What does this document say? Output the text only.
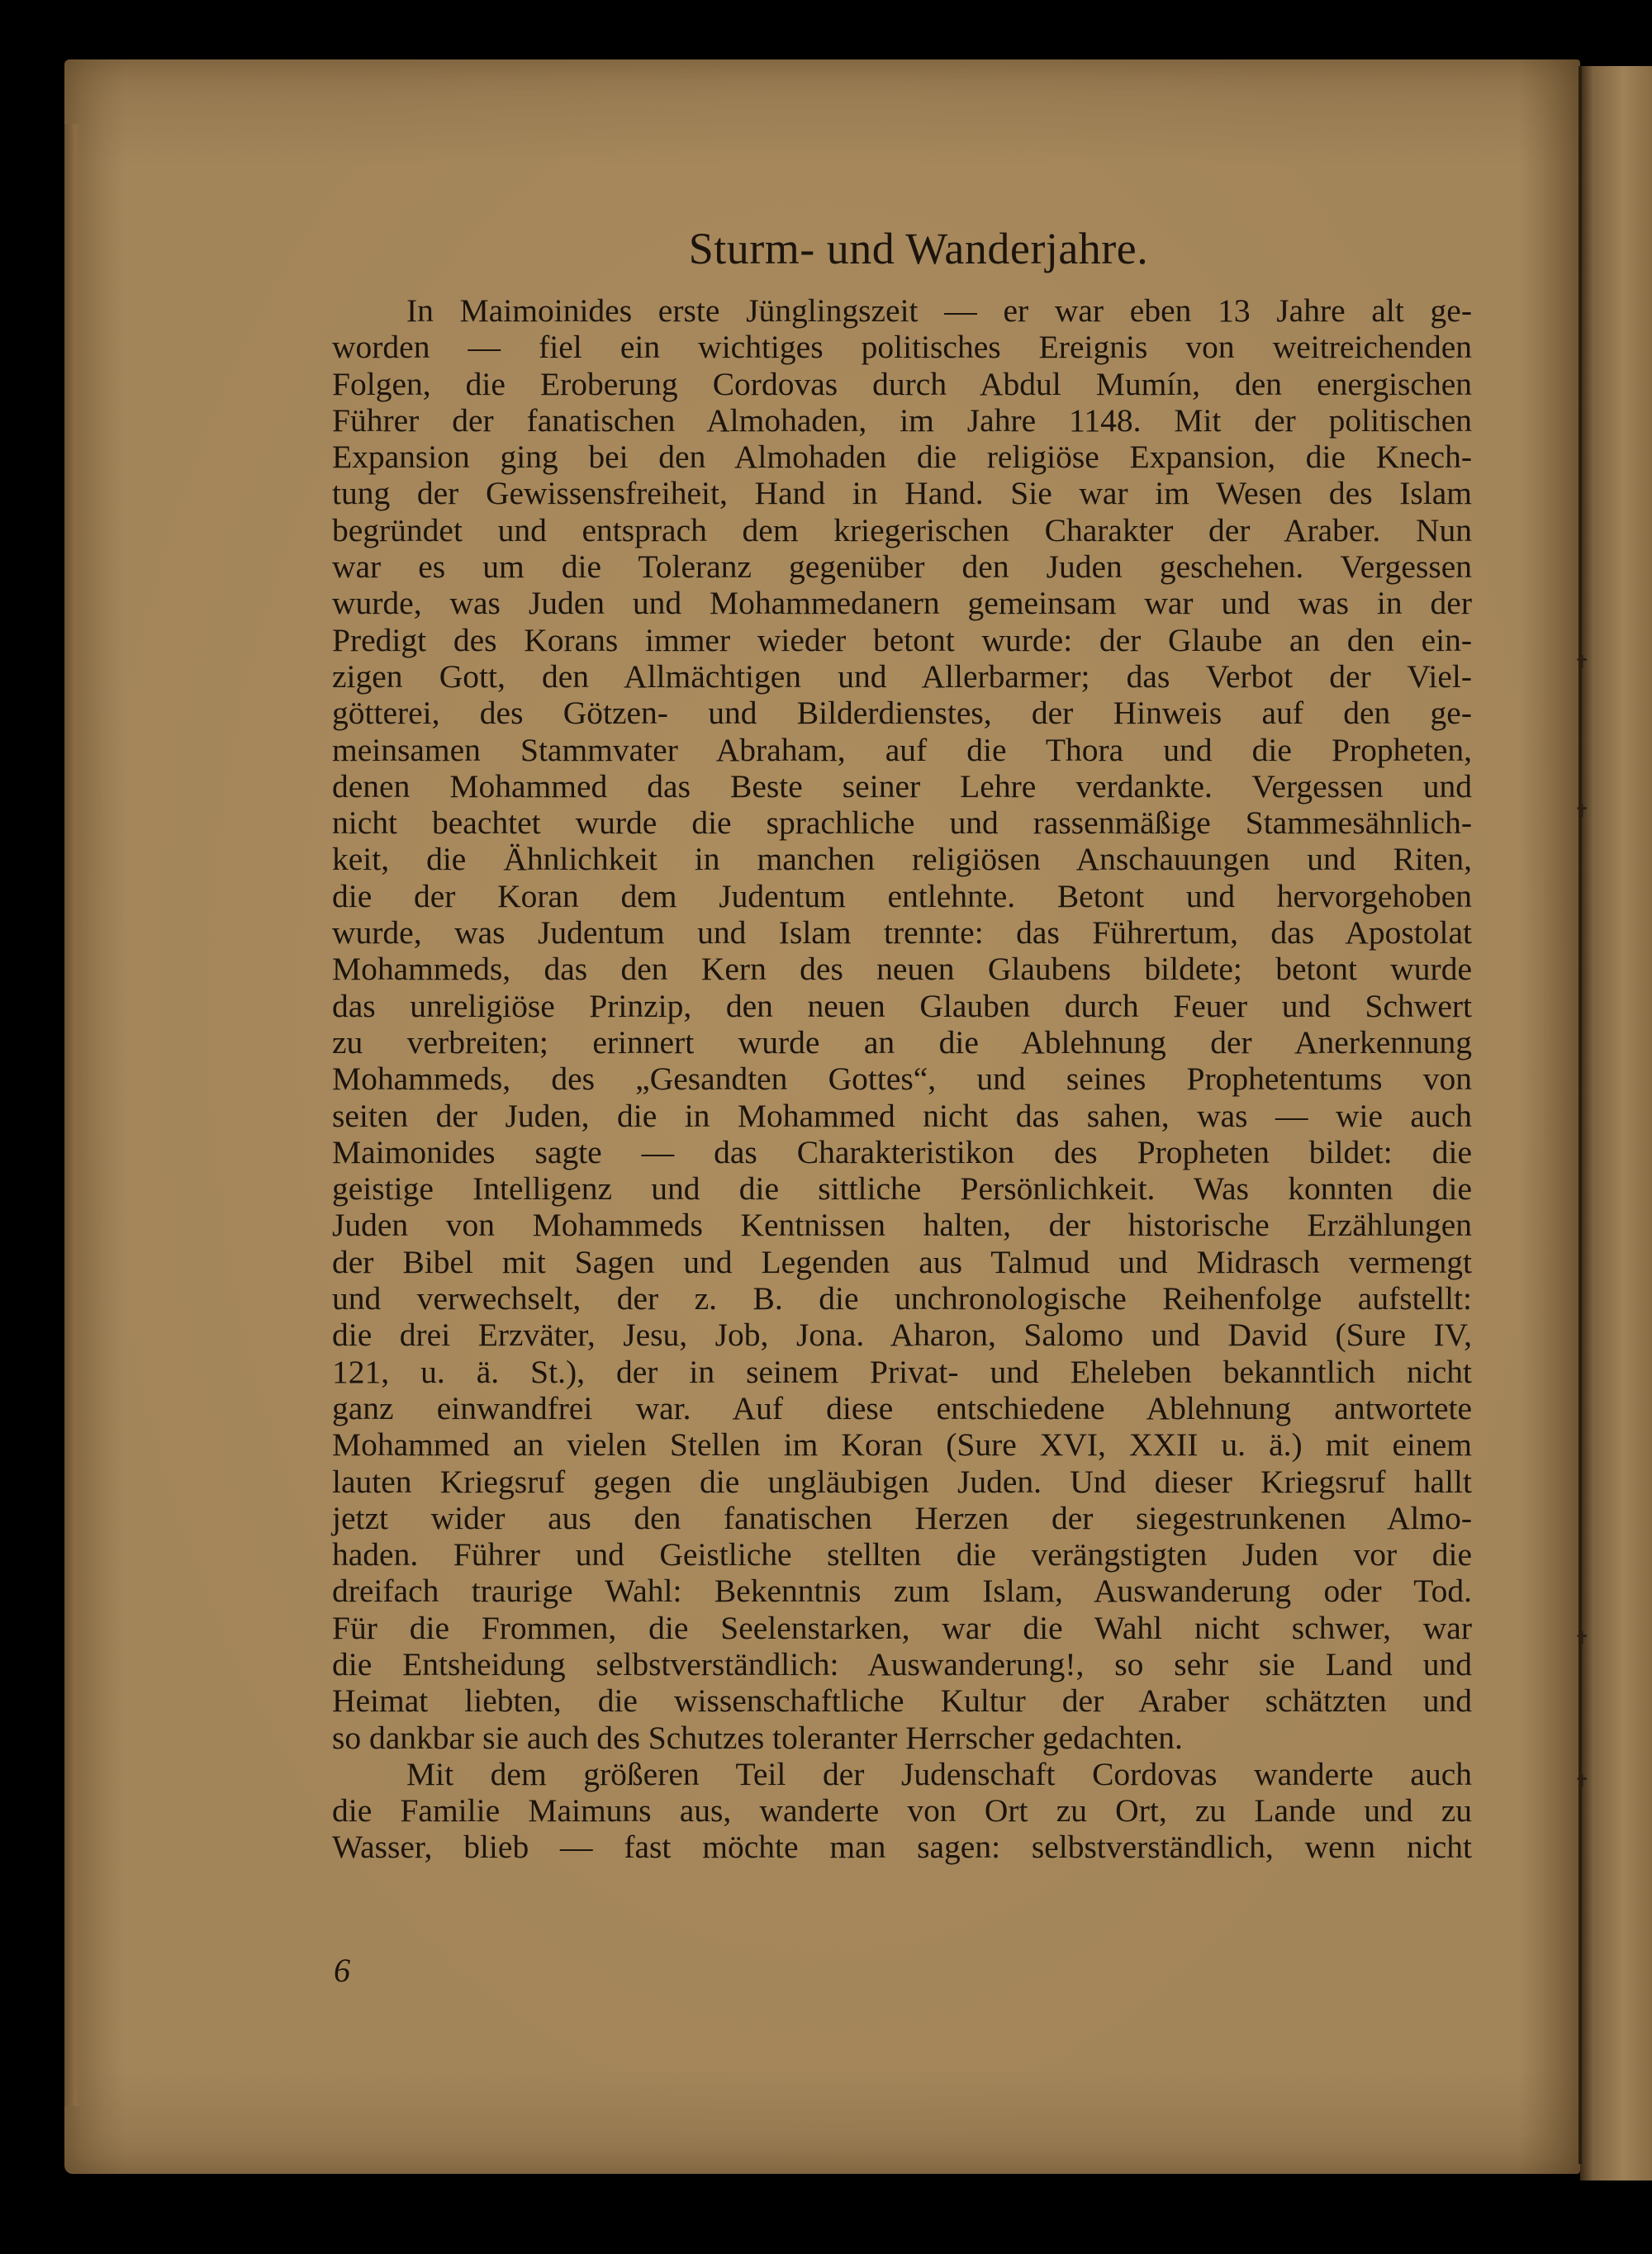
✝
✝
✝
✝
Sturm- und Wanderjahre.

In Maimoinides erste Jünglingszeit — er war eben 13 Jahre alt ge-
worden — fiel ein wichtiges politisches Ereignis von weitreichenden
Folgen, die Eroberung Cordovas durch Abdul Mumín, den energischen
Führer der fanatischen Almohaden, im Jahre 1148. Mit der politischen
Expansion ging bei den Almohaden die religiöse Expansion, die Knech-
tung der Gewissensfreiheit, Hand in Hand. Sie war im Wesen des Islam
begründet und entsprach dem kriegerischen Charakter der Araber. Nun
war es um die Toleranz gegenüber den Juden geschehen. Vergessen
wurde, was Juden und Mohammedanern gemeinsam war und was in der
Predigt des Korans immer wieder betont wurde: der Glaube an den ein-
zigen Gott, den Allmächtigen und Allerbarmer; das Verbot der Viel-
götterei, des Götzen- und Bilderdienstes, der Hinweis auf den ge-
meinsamen Stammvater Abraham, auf die Thora und die Propheten,
denen Mohammed das Beste seiner Lehre verdankte. Vergessen und
nicht beachtet wurde die sprachliche und rassenmäßige Stammesähnlich-
keit, die Ähnlichkeit in manchen religiösen Anschauungen und Riten,
die der Koran dem Judentum entlehnte. Betont und hervorgehoben
wurde, was Judentum und Islam trennte: das Führertum, das Apostolat
Mohammeds, das den Kern des neuen Glaubens bildete; betont wurde
das unreligiöse Prinzip, den neuen Glauben durch Feuer und Schwert
zu verbreiten; erinnert wurde an die Ablehnung der Anerkennung
Mohammeds, des „Gesandten Gottes“, und seines Prophetentums von
seiten der Juden, die in Mohammed nicht das sahen, was — wie auch
Maimonides sagte — das Charakteristikon des Propheten bildet: die
geistige Intelligenz und die sittliche Persönlichkeit. Was konnten die
Juden von Mohammeds Kentnissen halten, der historische Erzählungen
der Bibel mit Sagen und Legenden aus Talmud und Midrasch vermengt
und verwechselt, der z. B. die unchronologische Reihenfolge aufstellt:
die drei Erzväter, Jesu, Job, Jona. Aharon, Salomo und David (Sure IV,
121, u. ä. St.), der in seinem Privat- und Eheleben bekanntlich nicht
ganz einwandfrei war. Auf diese entschiedene Ablehnung antwortete
Mohammed an vielen Stellen im Koran (Sure XVI, XXII u. ä.) mit einem
lauten Kriegsruf gegen die ungläubigen Juden. Und dieser Kriegsruf hallt
jetzt wider aus den fanatischen Herzen der siegestrunkenen Almo-
haden. Führer und Geistliche stellten die verängstigten Juden vor die
dreifach traurige Wahl: Bekenntnis zum Islam, Auswanderung oder Tod.
Für die Frommen, die Seelenstarken, war die Wahl nicht schwer, war
die Entsheidung selbstverständlich: Auswanderung!, so sehr sie Land und
Heimat liebten, die wissenschaftliche Kultur der Araber schätzten und
so dankbar sie auch des Schutzes toleranter Herrscher gedachten.

Mit dem größeren Teil der Judenschaft Cordovas wanderte auch
die Familie Maimuns aus, wanderte von Ort zu Ort, zu Lande und zu
Wasser, blieb — fast möchte man sagen: selbstverständlich, wenn nicht

6
